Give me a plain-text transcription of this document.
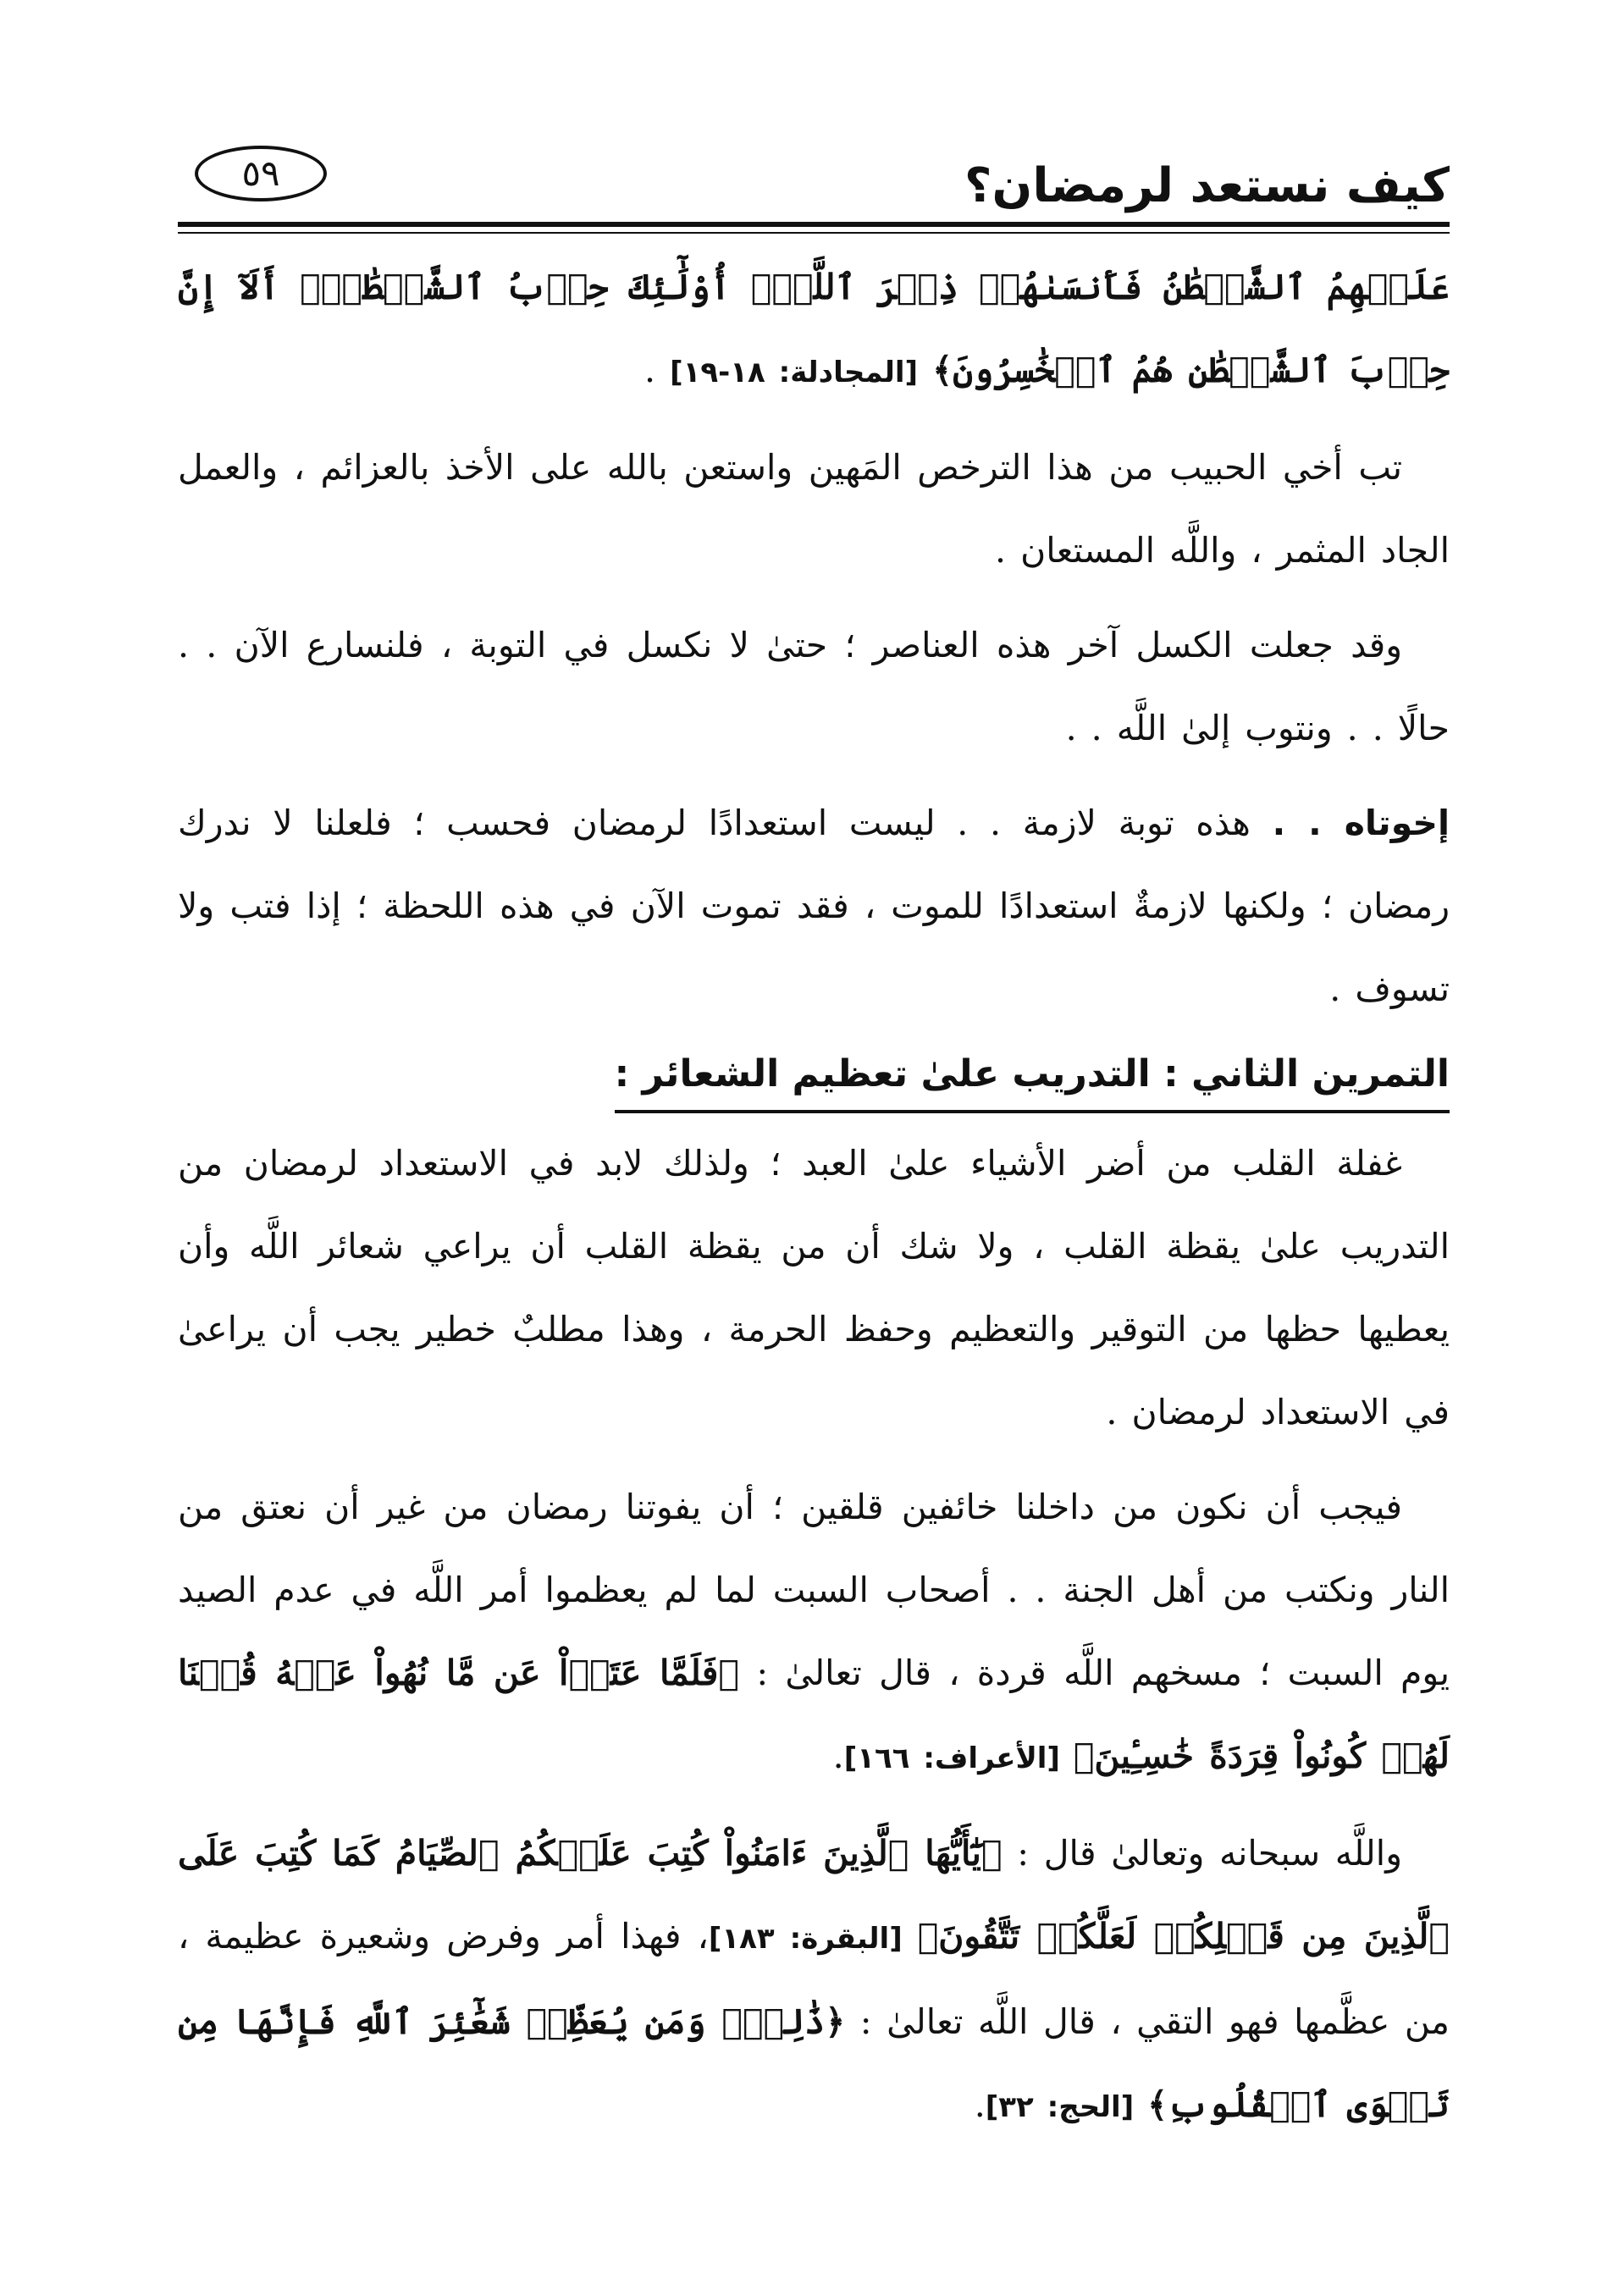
كيف نستعد لرمضان؟
٥٩

عَلَيۡهِمُ ٱلشَّيۡطَٰنُ فَأَنسَىٰهُمۡ ذِكۡرَ ٱللَّهِۚ أُوْلَٰٓئِكَ حِزۡبُ ٱلشَّيۡطَٰنِۚ أَلَآ إِنَّ حِزۡبَ ٱلشَّيۡطَٰنِ هُمُ ٱلۡخَٰسِرُونَ﴾ [المجادلة: ١٨-١٩] .

تب أخي الحبيب من هذا الترخص المَهين واستعن بالله على الأخذ بالعزائم ، والعمل الجاد المثمر ، واللَّه المستعان .

وقد جعلت الكسل آخر هذه العناصر ؛ حتىٰ لا نكسل في التوبة ، فلنسارع الآن . . حالًا . . ونتوب إلىٰ اللَّه . .

إخوتاه . . هذه توبة لازمة . . ليست استعدادًا لرمضان فحسب ؛ فلعلنا لا ندرك رمضان ؛ ولكنها لازمةٌ استعدادًا للموت ، فقد تموت الآن في هذه اللحظة ؛ إذا فتب ولا تسوف .

التمرين الثاني : التدريب علىٰ تعظيم الشعائر :

غفلة القلب من أضر الأشياء علىٰ العبد ؛ ولذلك لابد في الاستعداد لرمضان من التدريب علىٰ يقظة القلب ، ولا شك أن من يقظة القلب أن يراعي شعائر اللَّه وأن يعطيها حظها من التوقير والتعظيم وحفظ الحرمة ، وهذا مطلبٌ خطير يجب أن يراعىٰ في الاستعداد لرمضان .

فيجب أن نكون من داخلنا خائفين قلقين ؛ أن يفوتنا رمضان من غير أن نعتق من النار ونكتب من أهل الجنة . . أصحاب السبت لما لم يعظموا أمر اللَّه في عدم الصيد يوم السبت ؛ مسخهم اللَّه قردة ، قال تعالىٰ : ﴿فَلَمَّا عَتَوۡاْ عَن مَّا نُهُواْ عَنۡهُ قُلۡنَا لَهُمۡ كُونُواْ قِرَدَةً خَٰسِـِٔينَ﴾ [الأعراف: ١٦٦].

واللَّه سبحانه وتعالىٰ قال : ﴿يَٰٓأَيُّهَا ٱلَّذِينَ ءَامَنُواْ كُتِبَ عَلَيۡكُمُ ٱلصِّيَامُ كَمَا كُتِبَ عَلَى ٱلَّذِينَ مِن قَبۡلِكُمۡ لَعَلَّكُمۡ تَتَّقُونَ﴾ [البقرة: ١٨٣]، فهذا أمر وفرض وشعيرة عظيمة ، من عظَّمها فهو التقي ، قال اللَّه تعالىٰ : ﴿ذَٰلِكَۖ وَمَن يُعَظِّمۡ شَعَٰٓئِرَ ٱللَّهِ فَإِنَّهَا مِن تَقۡوَى ٱلۡقُلُوبِ﴾ [الحج: ٣٢].
